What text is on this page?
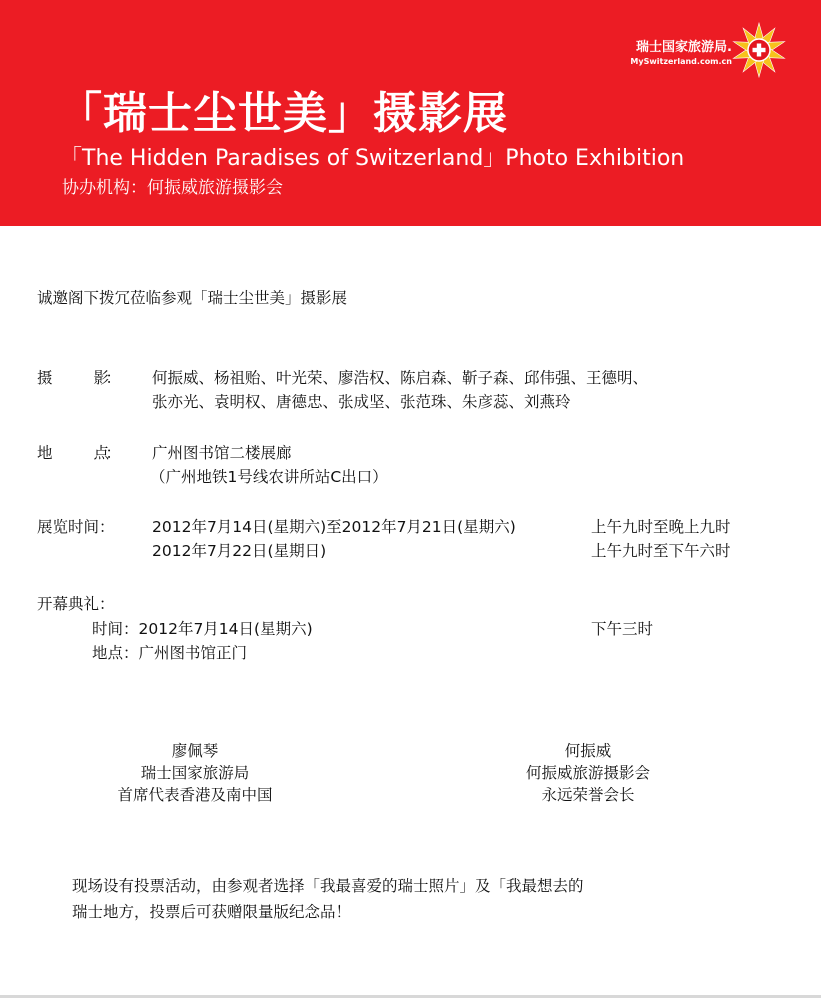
「瑞士尘世美」摄影展
「The Hidden Paradises of Switzerland」Photo Exhibition
协办机构：何振威旅游摄影会
瑞士国家旅游局.
MySwitzerland.com.cn
诚邀阁下拨冗莅临参观「瑞士尘世美」摄影展
摄	影
： 何振威、杨祖贻、叶光荣、廖浩权、陈启森、靳子森、邱伟强、王德明、
张亦光、袁明权、唐德忠、张成坚、张范珠、朱彦蕊、刘燕玲
地	点
： 广州图书馆二楼展廊
（广州地铁1号线农讲所站C出口）
展览时间： 2012年7月14日(星期六)至2012年7月21日(星期六)	上午九时至晚上九时
2012年7月22日(星期日)	上午九时至下午六时
开幕典礼：
时间：2012年7月14日(星期六)	下午三时
地点：广州图书馆正门
廖佩琴
瑞士国家旅游局
首席代表香港及南中国
何振威
何振威旅游摄影会
永远荣誉会长
现场设有投票活动，由参观者选择「我最喜爱的瑞士照片」及「我最想去的
瑞士地方，投票后可获赠限量版纪念品！
